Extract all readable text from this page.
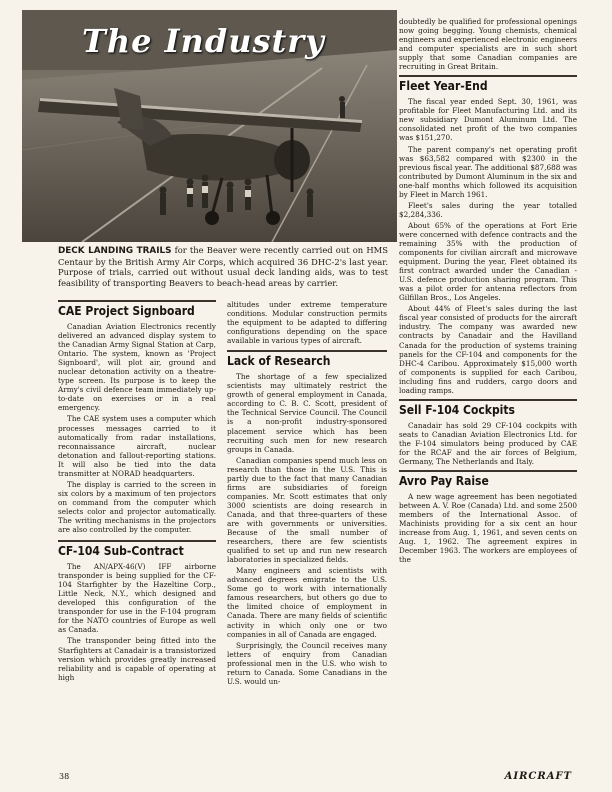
The Industry
DECK LANDING TRAILS for the Beaver were recently carried out on HMS Centaur by the British Army Air Corps, which acquired 36 DHC-2's last year. Purpose of trials, carried out without usual deck landing aids, was to test feasibility of transporting Beavers to beach-head areas by carrier.
CAE Project Signboard

Canadian Aviation Electronics recently delivered an advanced display system to the Canadian Army Signal Station at Carp, Ontario. The system, known as 'Project Signboard', will plot air, ground and nuclear detonation activity on a theatre-type screen. Its purpose is to keep the Army's civil defence team immediately up-to-date on exercises or in a real emergency.

The CAE system uses a computer which processes messages carried to it automatically from radar installations, reconnaissance aircraft, nuclear detonation and fallout-reporting stations. It will also be tied into the data transmitter at NORAD headquarters.

The display is carried to the screen in six colors by a maximum of ten projectors on command from the computer which selects color and projector automatically. The writing mechanisms in the projectors are also controlled by the computer.

CF-104 Sub-Contract

The AN/APX-46(V) IFF airborne transponder is being supplied for the CF-104 Starfighter by the Hazeltine Corp., Little Neck, N.Y., which designed and developed this configuration of the transponder for use in the F-104 program for the NATO countries of Europe as well as Canada.

The transponder being fitted into the Starfighters at Canadair is a transistorized version which provides greatly increased reliability and is capable of operating at high

altitudes under extreme temperature conditions. Modular construction permits the equipment to be adapted to differing configurations depending on the space available in various types of aircraft.

Lack of Research

The shortage of a few specialized scientists may ultimately restrict the growth of general employment in Canada, according to C. B. C. Scott, president of the Technical Service Council. The Council is a non-profit industry-sponsored placement service which has been recruiting such men for new research groups in Canada.

Canadian companies spend much less on research than those in the U.S. This is partly due to the fact that many Canadian firms are subsidiaries of foreign companies. Mr. Scott estimates that only 3000 scientists are doing research in Canada, and that three-quarters of these are with governments or universities. Because of the small number of researchers, there are few scientists qualified to set up and run new research laboratories in specialized fields.

Many engineers and scientists with advanced degrees emigrate to the U.S. Some go to work with internationally famous researchers, but others go due to the limited choice of employment in Canada. There are many fields of scientific activity in which only one or two companies in all of Canada are engaged.

Surprisingly, the Council receives many letters of enquiry from Canadian professional men in the U.S. who wish to return to Canada. Some Canadians in the U.S. would un-

doubtedly be qualified for professional openings now going begging. Young chemists, chemical engineers and experienced electronic engineers and computer specialists are in such short supply that some Canadian companies are recruiting in Great Britain.

Fleet Year-End

The fiscal year ended Sept. 30, 1961, was profitable for Fleet Manufacturing Ltd. and its new subsidiary Dumont Aluminum Ltd. The consolidated net profit of the two companies was $151,270.

The parent company's net operating profit was $63,582 compared with $2300 in the previous fiscal year. The additional $87,688 was contributed by Dumont Aluminum in the six and one-half months which followed its acquisition by Fleet in March 1961.

Fleet's sales during the year totalled $2,284,336.

About 65% of the operations at Fort Erie were concerned with defence contracts and the remaining 35% with the production of components for civilian aircraft and microwave equipment. During the year, Fleet obtained its first contract awarded under the Canadian - U.S. defence production sharing program. This was a pilot order for antenna reflectors from Gilfillan Bros., Los Angeles.

About 44% of Fleet's sales during the last fiscal year consisted of products for the aircraft industry. The company was awarded new contracts by Canadair and the Havilland Canada for the production of systems training panels for the CF-104 and components for the DHC-4 Caribou. Approximately $15,000 worth of components is supplied for each Caribou, including fins and rudders, cargo doors and loading ramps.

Sell F-104 Cockpits

Canadair has sold 29 CF-104 cockpits with seats to Canadian Aviation Electronics Ltd. for the F-104 simulators being produced by CAE for the RCAF and the air forces of Belgium, Germany, The Netherlands and Italy.

Avro Pay Raise

A new wage agreement has been negotiated between A. V. Roe (Canada) Ltd. and some 2500 members of the International Assoc. of Machinists providing for a six cent an hour increase from Aug. 1, 1961, and seven cents on Aug. 1, 1962. The agreement expires in December 1963. The workers are employees of the

38	AIRCRAFT
